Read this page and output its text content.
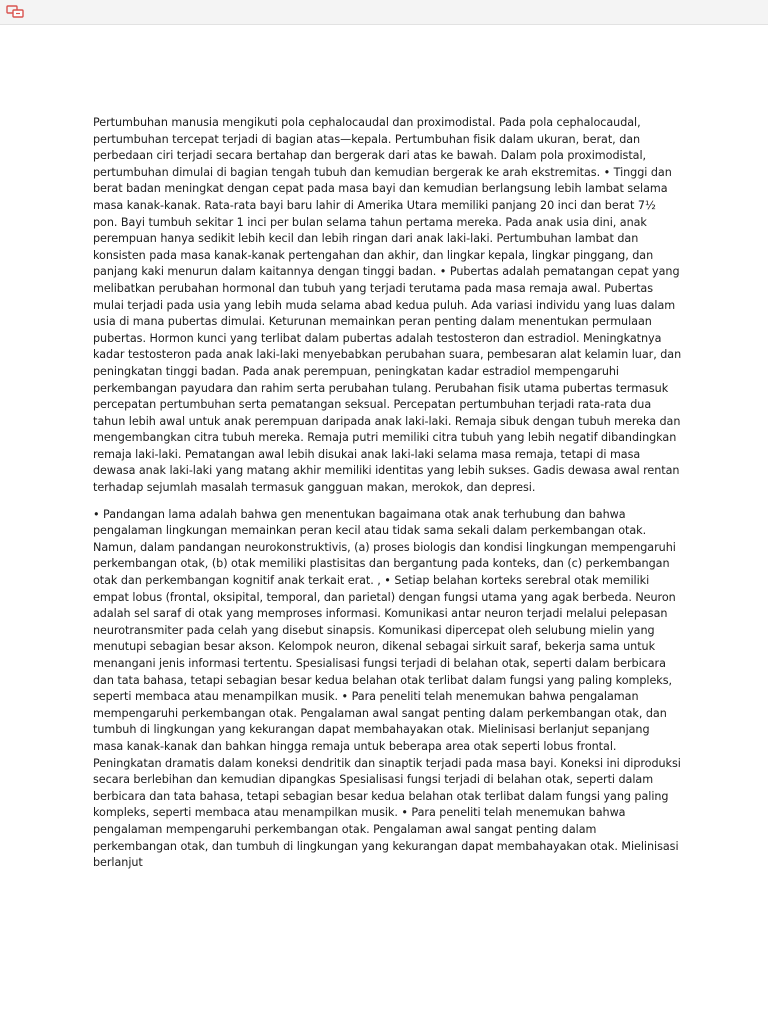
Pertumbuhan manusia mengikuti pola cephalocaudal dan proximodistal. Pada pola cephalocaudal, pertumbuhan tercepat terjadi di bagian atas—kepala. Pertumbuhan fisik dalam ukuran, berat, dan perbedaan ciri terjadi secara bertahap dan bergerak dari atas ke bawah. Dalam pola proximodistal, pertumbuhan dimulai di bagian tengah tubuh dan kemudian bergerak ke arah ekstremitas. • Tinggi dan berat badan meningkat dengan cepat pada masa bayi dan kemudian berlangsung lebih lambat selama masa kanak-kanak. Rata-rata bayi baru lahir di Amerika Utara memiliki panjang 20 inci dan berat 7½ pon. Bayi tumbuh sekitar 1 inci per bulan selama tahun pertama mereka. Pada anak usia dini, anak perempuan hanya sedikit lebih kecil dan lebih ringan dari anak laki-laki. Pertumbuhan lambat dan konsisten pada masa kanak-kanak pertengahan dan akhir, dan lingkar kepala, lingkar pinggang, dan panjang kaki menurun dalam kaitannya dengan tinggi badan. • Pubertas adalah pematangan cepat yang melibatkan perubahan hormonal dan tubuh yang terjadi terutama pada masa remaja awal. Pubertas mulai terjadi pada usia yang lebih muda selama abad kedua puluh. Ada variasi individu yang luas dalam usia di mana pubertas dimulai. Keturunan memainkan peran penting dalam menentukan permulaan pubertas. Hormon kunci yang terlibat dalam pubertas adalah testosteron dan estradiol. Meningkatnya kadar testosteron pada anak laki-laki menyebabkan perubahan suara, pembesaran alat kelamin luar, dan peningkatan tinggi badan. Pada anak perempuan, peningkatan kadar estradiol mempengaruhi perkembangan payudara dan rahim serta perubahan tulang. Perubahan fisik utama pubertas termasuk percepatan pertumbuhan serta pematangan seksual. Percepatan pertumbuhan terjadi rata-rata dua tahun lebih awal untuk anak perempuan daripada anak laki-laki. Remaja sibuk dengan tubuh mereka dan mengembangkan citra tubuh mereka. Remaja putri memiliki citra tubuh yang lebih negatif dibandingkan remaja laki-laki. Pematangan awal lebih disukai anak laki-laki selama masa remaja, tetapi di masa dewasa anak laki-laki yang matang akhir memiliki identitas yang lebih sukses. Gadis dewasa awal rentan terhadap sejumlah masalah termasuk gangguan makan, merokok, dan depresi.

• Pandangan lama adalah bahwa gen menentukan bagaimana otak anak terhubung dan bahwa pengalaman lingkungan memainkan peran kecil atau tidak sama sekali dalam perkembangan otak. Namun, dalam pandangan neurokonstruktivis, (a) proses biologis dan kondisi lingkungan mempengaruhi perkembangan otak, (b) otak memiliki plastisitas dan bergantung pada konteks, dan (c) perkembangan otak dan perkembangan kognitif anak terkait erat. , • Setiap belahan korteks serebral otak memiliki empat lobus (frontal, oksipital, temporal, dan parietal) dengan fungsi utama yang agak berbeda. Neuron adalah sel saraf di otak yang memproses informasi. Komunikasi antar neuron terjadi melalui pelepasan neurotransmiter pada celah yang disebut sinapsis. Komunikasi dipercepat oleh selubung mielin yang menutupi sebagian besar akson. Kelompok neuron, dikenal sebagai sirkuit saraf, bekerja sama untuk menangani jenis informasi tertentu. Spesialisasi fungsi terjadi di belahan otak, seperti dalam berbicara dan tata bahasa, tetapi sebagian besar kedua belahan otak terlibat dalam fungsi yang paling kompleks, seperti membaca atau menampilkan musik. • Para peneliti telah menemukan bahwa pengalaman mempengaruhi perkembangan otak. Pengalaman awal sangat penting dalam perkembangan otak, dan tumbuh di lingkungan yang kekurangan dapat membahayakan otak. Mielinisasi berlanjut sepanjang masa kanak-kanak dan bahkan hingga remaja untuk beberapa area otak seperti lobus frontal. Peningkatan dramatis dalam koneksi dendritik dan sinaptik terjadi pada masa bayi. Koneksi ini diproduksi secara berlebihan dan kemudian dipangkas Spesialisasi fungsi terjadi di belahan otak, seperti dalam berbicara dan tata bahasa, tetapi sebagian besar kedua belahan otak terlibat dalam fungsi yang paling kompleks, seperti membaca atau menampilkan musik. • Para peneliti telah menemukan bahwa pengalaman mempengaruhi perkembangan otak. Pengalaman awal sangat penting dalam perkembangan otak, dan tumbuh di lingkungan yang kekurangan dapat membahayakan otak. Mielinisasi berlanjut
